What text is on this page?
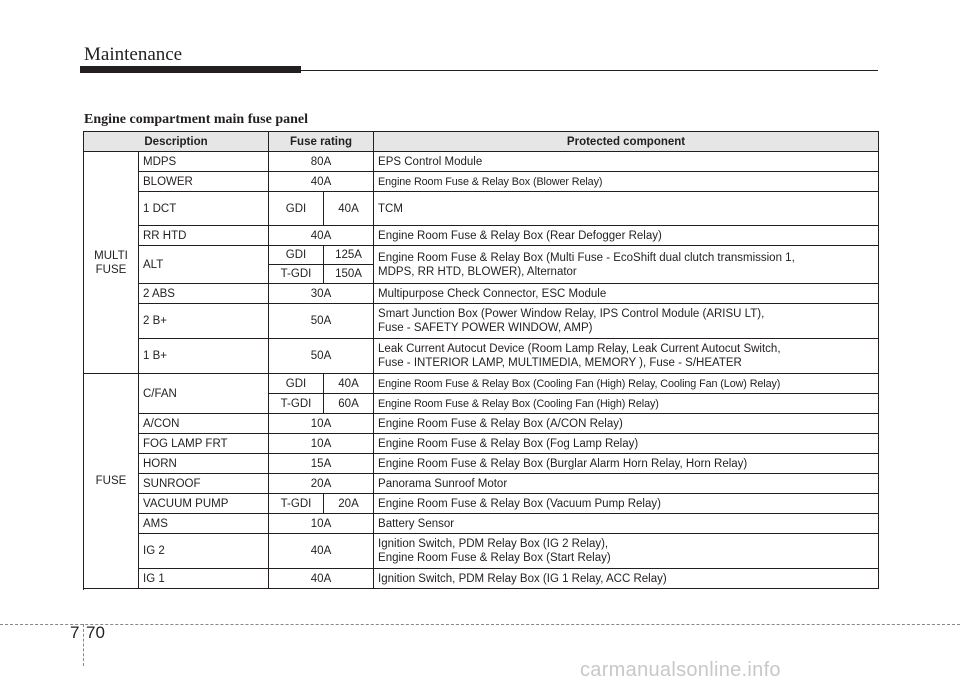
Maintenance
Engine compartment main fuse panel
Description		Fuse rating		Protected component
MULTI
FUSE	MDPS	80A		EPS Control Module
	BLOWER	40A		Engine Room Fuse & Relay Box (Blower Relay)
	1 DCT	GDI	40A	TCM
	RR HTD	40A		Engine Room Fuse & Relay Box (Rear Defogger Relay)
	ALT	GDI	125A	Engine Room Fuse & Relay Box (Multi Fuse - EcoShift dual clutch transmission 1,
MDPS, RR HTD, BLOWER), Alternator
		T-GDI	150A	
	2 ABS	30A		Multipurpose Check Connector, ESC Module
	2 B+	50A		Smart Junction Box (Power Window Relay, IPS Control Module (ARISU LT),
Fuse - SAFETY POWER WINDOW, AMP)
	1 B+	50A		Leak Current Autocut Device (Room Lamp Relay, Leak Current Autocut Switch,
Fuse - INTERIOR LAMP, MULTIMEDIA, MEMORY ), Fuse - S/HEATER

FUSE	C/FAN	GDI	40A	Engine Room Fuse & Relay Box (Cooling Fan (High) Relay, Cooling Fan (Low) Relay)
		T-GDI	60A	Engine Room Fuse & Relay Box (Cooling Fan (High) Relay)
	A/CON	10A		Engine Room Fuse & Relay Box (A/CON Relay)
	FOG LAMP FRT	10A		Engine Room Fuse & Relay Box (Fog Lamp Relay)
	HORN	15A		Engine Room Fuse & Relay Box (Burglar Alarm Horn Relay, Horn Relay)
	SUNROOF	20A		Panorama Sunroof Motor
	VACUUM PUMP	T-GDI	20A	Engine Room Fuse & Relay Box (Vacuum Pump Relay)
	AMS	10A		Battery Sensor
	IG 2	40A		Ignition Switch, PDM Relay Box (IG 2 Relay),
Engine Room Fuse & Relay Box (Start Relay)
	IG 1	40A		Ignition Switch, PDM Relay Box (IG 1 Relay, ACC Relay)

7 70
carmanualsonline.info
